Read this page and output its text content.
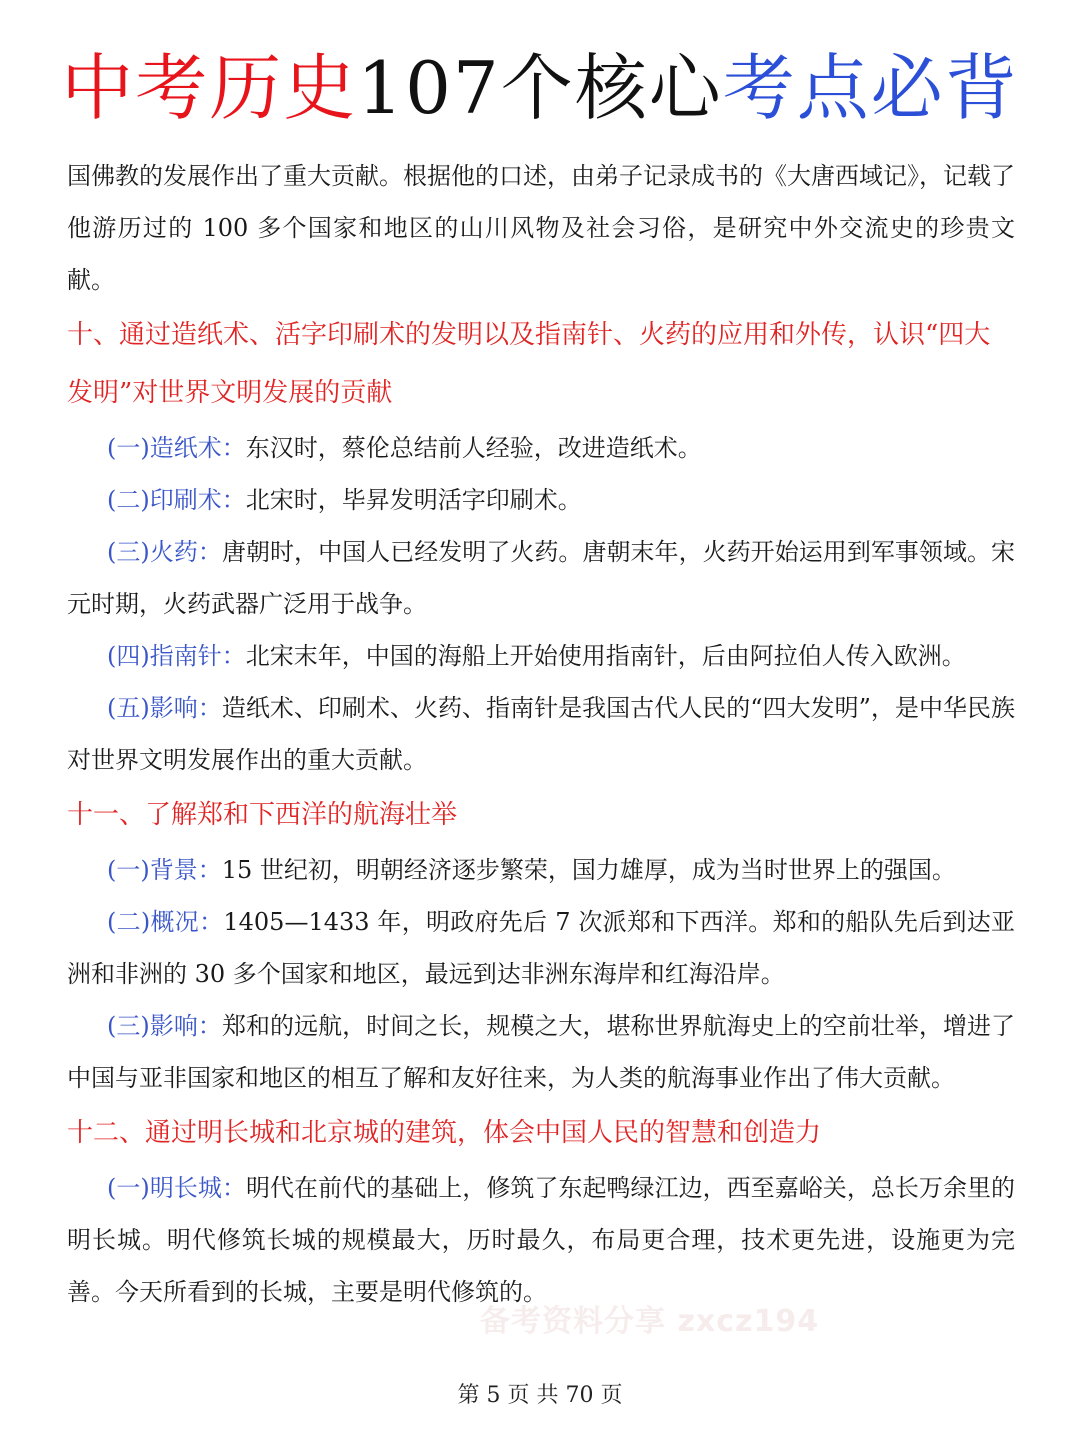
中考历史107个核心考点必背

国佛教的发展作出了重大贡献。根据他的口述，由弟子记录成书的《大唐西域记》，记载了他游历过的 100 多个国家和地区的山川风物及社会习俗，是研究中外交流史的珍贵文献。

十、通过造纸术、活字印刷术的发明以及指南针、火药的应用和外传，认识“四大发明”对世界文明发展的贡献

(一)造纸术：东汉时，蔡伦总结前人经验，改进造纸术。

(二)印刷术：北宋时，毕昇发明活字印刷术。

(三)火药：唐朝时，中国人已经发明了火药。唐朝末年，火药开始运用到军事领域。宋元时期，火药武器广泛用于战争。

(四)指南针：北宋末年，中国的海船上开始使用指南针，后由阿拉伯人传入欧洲。

(五)影响：造纸术、印刷术、火药、指南针是我国古代人民的“四大发明”，是中华民族对世界文明发展作出的重大贡献。

十一、了解郑和下西洋的航海壮举

(一)背景：15 世纪初，明朝经济逐步繁荣，国力雄厚，成为当时世界上的强国。

(二)概况：1405—1433 年，明政府先后 7 次派郑和下西洋。郑和的船队先后到达亚洲和非洲的 30 多个国家和地区，最远到达非洲东海岸和红海沿岸。

(三)影响：郑和的远航，时间之长，规模之大，堪称世界航海史上的空前壮举，增进了中国与亚非国家和地区的相互了解和友好往来，为人类的航海事业作出了伟大贡献。

十二、通过明长城和北京城的建筑，体会中国人民的智慧和创造力

(一)明长城：明代在前代的基础上，修筑了东起鸭绿江边，西至嘉峪关，总长万余里的明长城。明代修筑长城的规模最大，历时最久，布局更合理，技术更先进，设施更为完善。今天所看到的长城，主要是明代修筑的。

备考资料分享 zxcz194
第 5 页 共 70 页
